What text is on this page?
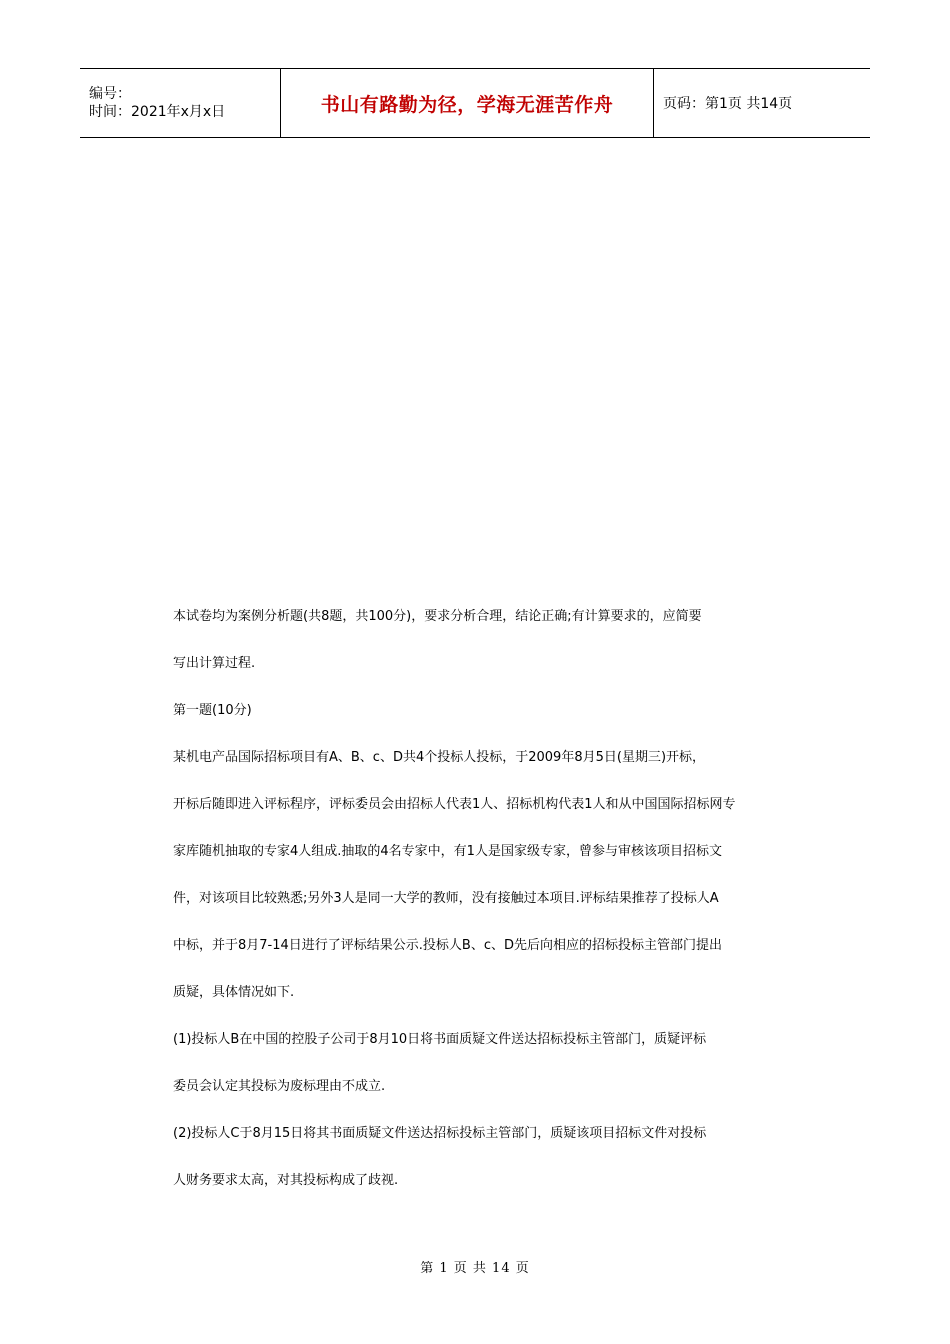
编号：
时间：2021年x月x日	书山有路勤为径，学海无涯苦作舟	页码：第1页 共14页

本试卷均为案例分析题(共8题，共100分)，要求分析合理，结论正确;有计算要求的，应简要

写出计算过程.

第一题(10分)

某机电产品国际招标项目有A、B、c、D共4个投标人投标，于2009年8月5日(星期三)开标，

开标后随即进入评标程序，评标委员会由招标人代表1人、招标机构代表1人和从中国国际招标网专

家库随机抽取的专家4人组成.抽取的4名专家中，有1人是国家级专家，曾参与审核该项目招标文

件，对该项目比较熟悉;另外3人是同一大学的教师，没有接触过本项目.评标结果推荐了投标人A

中标，并于8月7-14日进行了评标结果公示.投标人B、c、D先后向相应的招标投标主管部门提出

质疑，具体情况如下.

(1)投标人B在中国的控股子公司于8月10日将书面质疑文件送达招标投标主管部门，质疑评标

委员会认定其投标为废标理由不成立.

(2)投标人C于8月15日将其书面质疑文件送达招标投标主管部门，质疑该项目招标文件对投标

人财务要求太高，对其投标构成了歧视.

第 1 页 共 14 页
